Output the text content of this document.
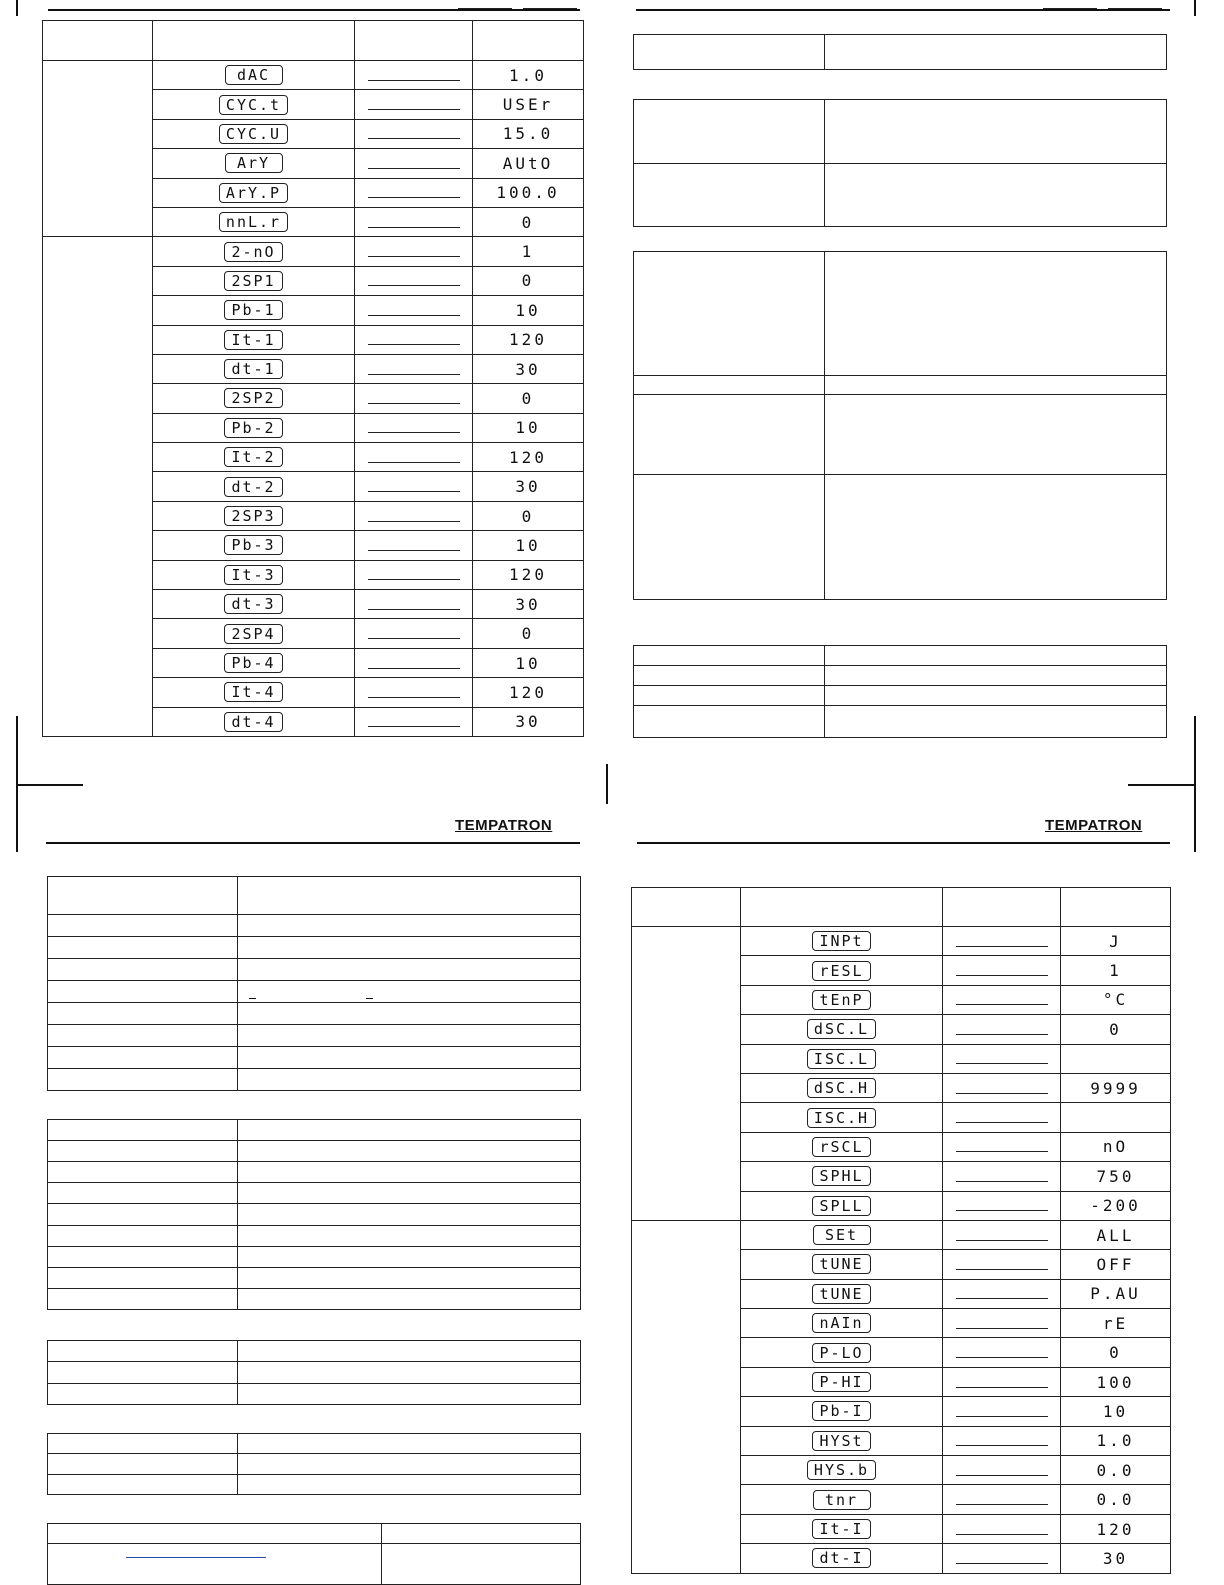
TEMPATRON	TEMPATRON

	dAC		1.0
	CYC.t		USEr
	CYC.U		15.0
	ArY		AUtO
	ArY.P		100.0
	nnL.r		0
	2-nO		1
	2SP1		0
	Pb-1		10
	It-1		120
	dt-1		30
	2SP2		0
	Pb-2		10
	It-2		120
	dt-2		30
	2SP3		0
	Pb-3		10
	It-3		120
	dt-3		30
	2SP4		0
	Pb-4		10
	It-4		120
	dt-4		30

	INPt		J
	rESL		1
	tEnP		°C
	dSC.L		0
	ISC.L		
	dSC.H		9999
	ISC.H		
	rSCL		nO
	SPHL		750
	SPLL		-200
	SEt		ALL
	tUNE		OFF
	tUNE		P.AU
	nAIn		rE
	P-LO		0
	P-HI		100
	Pb-I		10
	HYSt		1.0
	HYS.b		0.0
	tnr		0.0
	It-I		120
	dt-I		30
